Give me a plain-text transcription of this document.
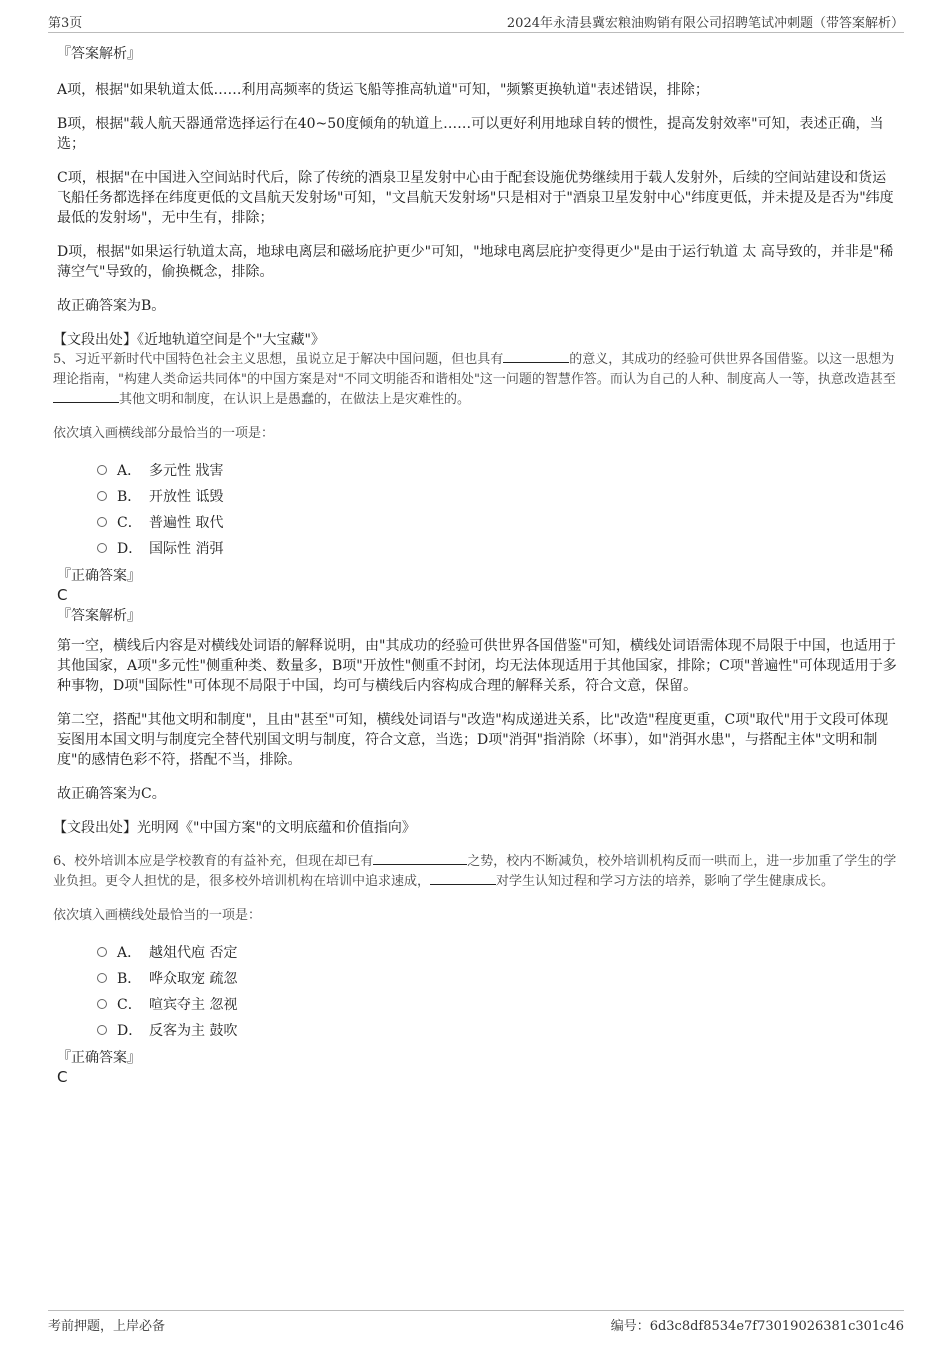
第3页	2024年永清县冀宏粮油购销有限公司招聘笔试冲刺题（带答案解析）

『答案解析』

A项，根据"如果轨道太低……利用高频率的货运飞船等推高轨道"可知，"频繁更换轨道"表述错误，排除；

B项，根据"载人航天器通常选择运行在40~50度倾角的轨道上……可以更好利用地球自转的惯性，提高发射效率"可知，表述正确，当选；

C项，根据"在中国进入空间站时代后，除了传统的酒泉卫星发射中心由于配套设施优势继续用于载人发射外，后续的空间站建设和货运飞船任务都选择在纬度更低的文昌航天发射场"可知，"文昌航天发射场"只是相对于"酒泉卫星发射中心"纬度更低，并未提及是否为"纬度最低的发射场"，无中生有，排除；

D项，根据"如果运行轨道太高，地球电离层和磁场庇护更少"可知，"地球电离层庇护变得更少"是由于运行轨道 太 高导致的，并非是"稀薄空气"导致的，偷换概念，排除。

故正确答案为B。

【文段出处】《近地轨道空间是个"大宝藏"》

5、习近平新时代中国特色社会主义思想，虽说立足于解决中国问题，但也具有	的意义，其成功的经验可供世界各国借鉴。以这一思想为理论指南，"构建人类命运共同体"的中国方案是对"不同文明能否和谐相处"这一问题的智慧作答。而认为自己的人种、制度高人一等，执意改造甚至其他文明和制度，在认识上是愚蠢的，在做法上是灾难性的。

依次填入画横线部分最恰当的一项是：

A． 多元性 戕害
B． 开放性 诋毁
C． 普遍性 取代
D． 国际性 消弭

『正确答案』

C

『答案解析』

第一空，横线后内容是对横线处词语的解释说明，由"其成功的经验可供世界各国借鉴"可知，横线处词语需体现不局限于中国，也适用于其他国家，A项"多元性"侧重种类、数量多，B项"开放性"侧重不封闭，均无法体现适用于其他国家，排除；C项"普遍性"可体现适用于多种事物，D项"国际性"可体现不局限于中国，均可与横线后内容构成合理的解释关系，符合文意，保留。

第二空，搭配"其他文明和制度"，且由"甚至"可知，横线处词语与"改造"构成递进关系，比"改造"程度更重，C项"取代"用于文段可体现妄图用本国文明与制度完全替代别国文明与制度，符合文意，当选；D项"消弭"指消除（坏事），如"消弭水患"，与搭配主体"文明和制度"的感情色彩不符，搭配不当，排除。

故正确答案为C。

【文段出处】光明网《"中国方案"的文明底蕴和价值指向》

6、校外培训本应是学校教育的有益补充，但现在却已有	之势，校内不断减负，校外培训机构反而一哄而上，进一步加重了学生的学业负担。更令人担忧的是，很多校外培训机构在培训中追求速成，	对学生认知过程和学习方法的培养，影响了学生健康成长。

依次填入画横线处最恰当的一项是：

A． 越俎代庖 否定
B． 哗众取宠 疏忽
C． 喧宾夺主 忽视
D． 反客为主 鼓吹

『正确答案』

C

考前押题，上岸必备	编号：6d3c8df8534e7f73019026381c301c46
